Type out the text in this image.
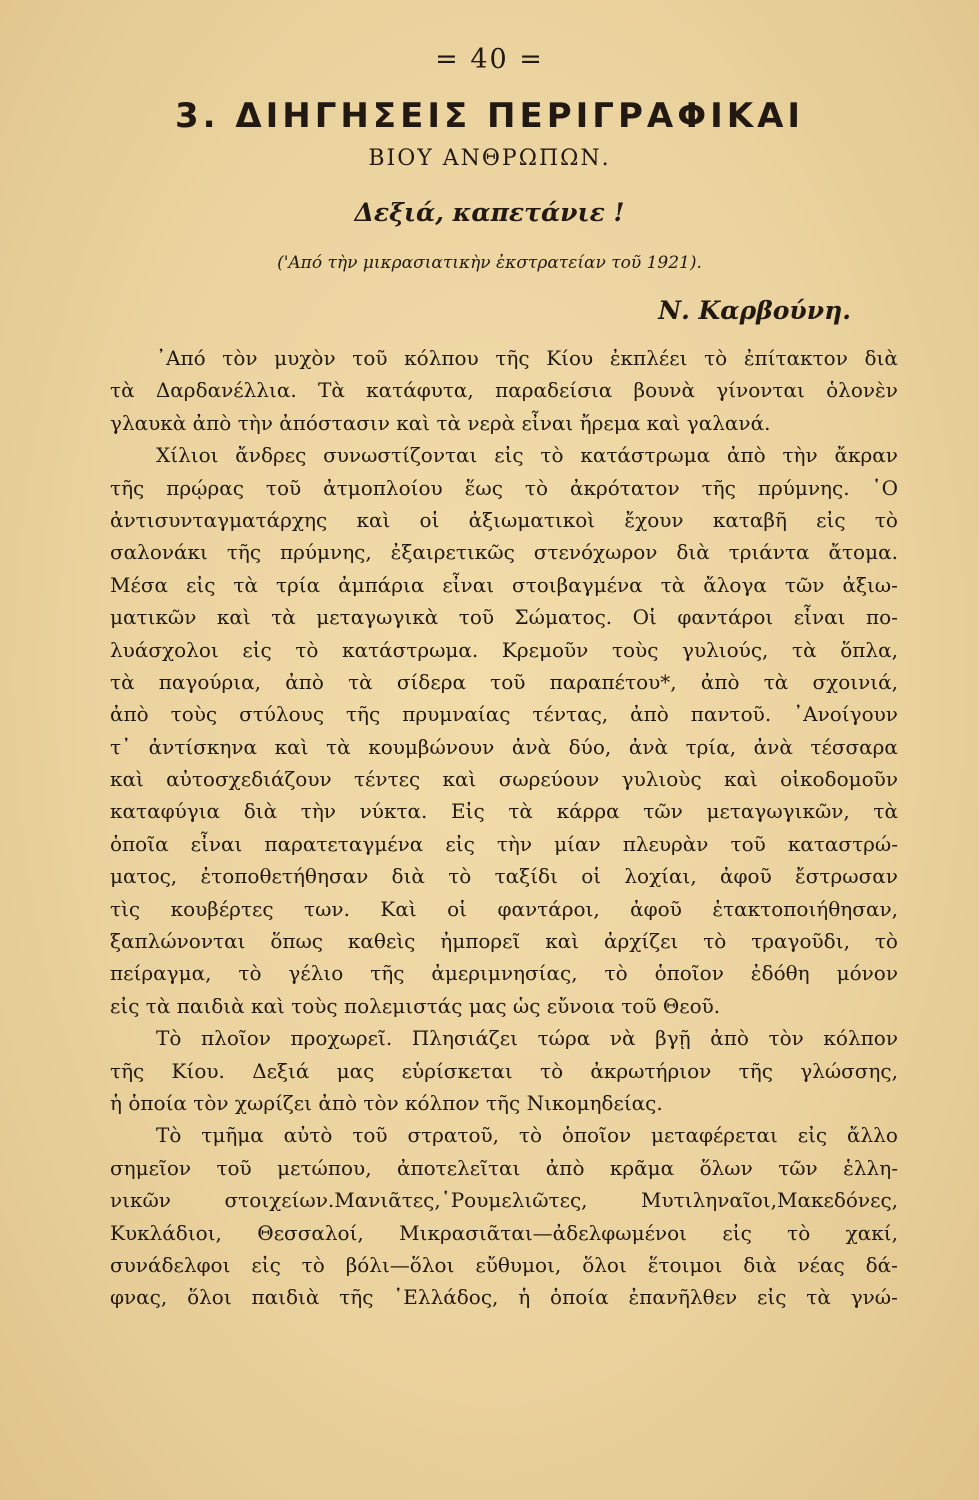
= 40 =
3. ΔΙΗΓΗΣΕΙΣ ΠΕΡΙΓΡΑΦΙΚΑΙ
ΒΙΟΥ ΑΝΘΡΩΠΩΝ.
Δεξιά, καπετάνιε !
('Από τὴν μικρασιατικὴν ἐκστρατείαν τοῦ 1921).
Ν. Καρβούνη.
᾿Από τὸν μυχὸν τοῦ κόλπου τῆς Κίου ἐκπλέει τὸ ἐπίτακτον διὰ
τὰ Δαρδανέλλια. Τὰ κατάφυτα, παραδείσια βουνὰ γίνονται ὁλονὲν
γλαυκὰ ἀπὸ τὴν ἀπόστασιν καὶ τὰ νερὰ εἶναι ἤρεμα καὶ γαλανά.
Χίλιοι ἄνδρες συνωστίζονται εἰς τὸ κατάστρωμα ἀπὸ τὴν ἄκραν
τῆς πρῴρας τοῦ ἀτμοπλοίου ἕως τὸ ἀκρότατον τῆς πρύμνης. ῾Ο
ἀντισυνταγματάρχης καὶ οἱ ἀξιωματικοὶ ἔχουν καταβῆ εἰς τὸ
σαλονάκι τῆς πρύμνης, ἐξαιρετικῶς στενόχωρον διὰ τριάντα ἄτομα.
Μέσα εἰς τὰ τρία ἀμπάρια εἶναι στοιβαγμένα τὰ ἄλογα τῶν ἀξιω-
ματικῶν καὶ τὰ μεταγωγικὰ τοῦ Σώματος. Οἱ φαντάροι εἶναι πο-
λυάσχολοι εἰς τὸ κατάστρωμα. Κρεμοῦν τοὺς γυλιούς, τὰ ὅπλα,
τὰ παγούρια, ἀπὸ τὰ σίδερα τοῦ παραπέτου*, ἀπὸ τὰ σχοινιά,
ἀπὸ τοὺς στύλους τῆς πρυμναίας τέντας, ἀπὸ παντοῦ. ᾿Ανοίγουν
τ᾿ ἀντίσκηνα καὶ τὰ κουμβώνουν ἀνὰ δύο, ἀνὰ τρία, ἀνὰ τέσσαρα
καὶ αὐτοσχεδιάζουν τέντες καὶ σωρεύουν γυλιοὺς καὶ οἰκοδομοῦν
καταφύγια διὰ τὴν νύκτα. Εἰς τὰ κάρρα τῶν μεταγωγικῶν, τὰ
ὁποῖα εἶναι παρατεταγμένα εἰς τὴν μίαν πλευρὰν τοῦ καταστρώ-
ματος, ἐτοποθετήθησαν διὰ τὸ ταξίδι οἱ λοχίαι, ἀφοῦ ἔστρωσαν
τὶς κουβέρτες των. Καὶ οἱ φαντάροι, ἀφοῦ ἐτακτοποιήθησαν,
ξαπλώνονται ὅπως καθεὶς ἠμπορεῖ καὶ ἀρχίζει τὸ τραγοῦδι, τὸ
πείραγμα, τὸ γέλιο τῆς ἀμεριμνησίας, τὸ ὁποῖον ἐδόθη μόνον
εἰς τὰ παιδιὰ καὶ τοὺς πολεμιστάς μας ὡς εὔνοια τοῦ Θεοῦ.
Τὸ πλοῖον προχωρεῖ. Πλησιάζει τώρα νὰ βγῇ ἀπὸ τὸν κόλπον
τῆς Κίου. Δεξιά μας εὑρίσκεται τὸ ἀκρωτήριον τῆς γλώσσης,
ἡ ὁποία τὸν χωρίζει ἀπὸ τὸν κόλπον τῆς Νικομηδείας.
Τὸ τμῆμα αὐτὸ τοῦ στρατοῦ, τὸ ὁποῖον μεταφέρεται εἰς ἄλλο
σημεῖον τοῦ μετώπου, ἀποτελεῖται ἀπὸ κρᾶμα ὅλων τῶν ἑλλη-
νικῶν	στοιχείων.Μανιᾶτες,῾Ρουμελιῶτες,	Μυτιληναῖοι,Μακεδόνες,
Κυκλάδιοι, Θεσσαλοί, Μικρασιᾶται—ἀδελφωμένοι εἰς τὸ χακί,
συνάδελφοι εἰς τὸ βόλι—ὅλοι εὔθυμοι, ὅλοι ἕτοιμοι διὰ νέας δά-
φνας, ὅλοι παιδιὰ τῆς ῾Ελλάδος, ἡ ὁποία ἐπανῆλθεν εἰς τὰ γνώ-
